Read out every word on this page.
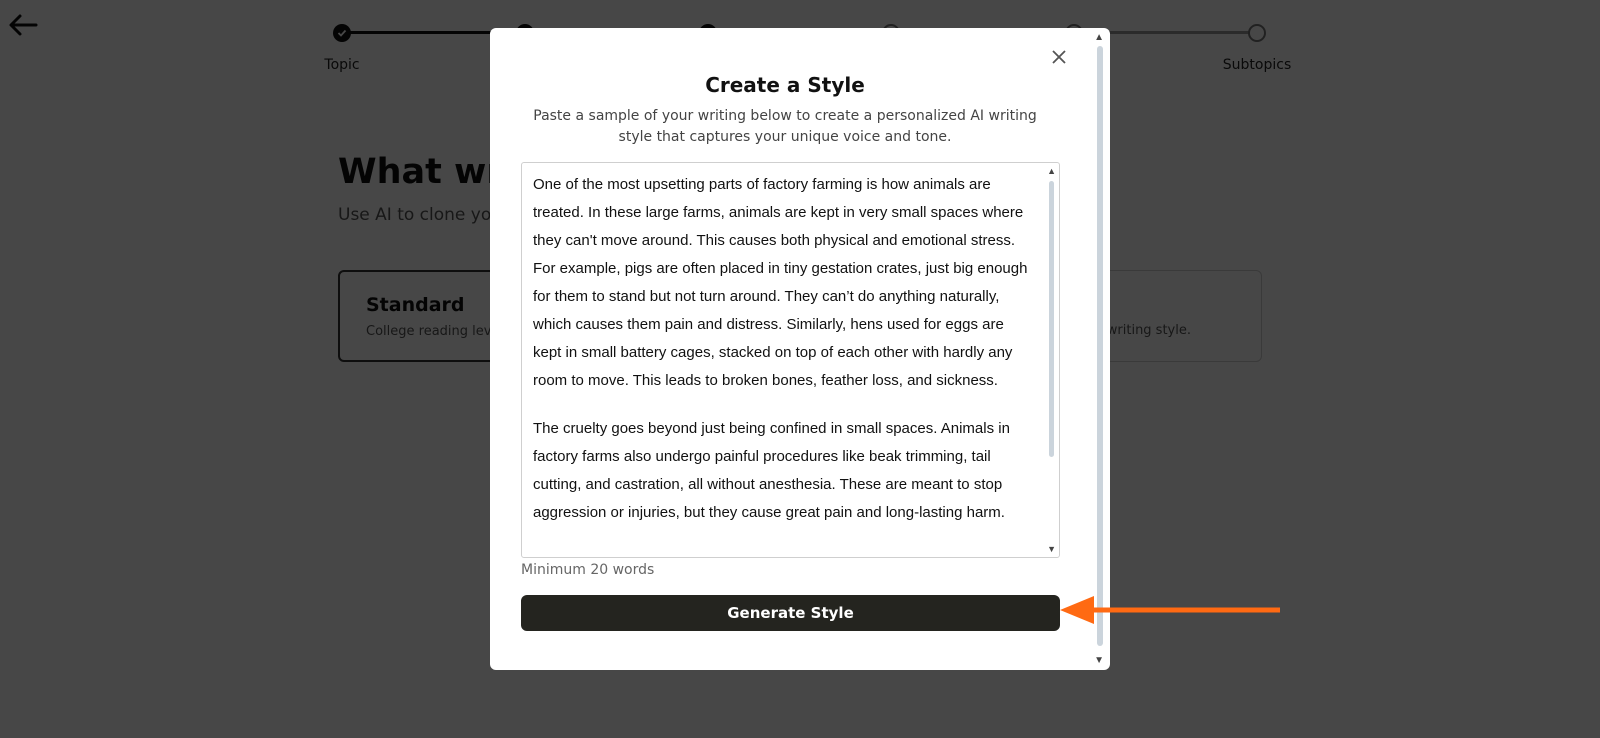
Create a Style
Paste a sample of your writing below to create a personalized AI writing style that captures your unique voice and tone.

One of the most upsetting parts of factory farming is how animals are treated. In these large farms, animals are kept in very small spaces where they can't move around. This causes both physical and emotional stress. For example, pigs are often placed in tiny gestation crates, just big enough for them to stand but not turn around. They can’t do anything naturally, which causes them pain and distress. Similarly, hens used for eggs are kept in small battery cages, stacked on top of each other with hardly any room to move. This leads to broken bones, feather loss, and sickness.

The cruelty goes beyond just being confined in small spaces. Animals in factory farms also undergo painful procedures like beak trimming, tail cutting, and castration, all without anesthesia. These are meant to stop aggression or injuries, but they cause great pain and long-lasting harm.

▲
▼
Minimum 20 words
Generate Style
▲
▼
